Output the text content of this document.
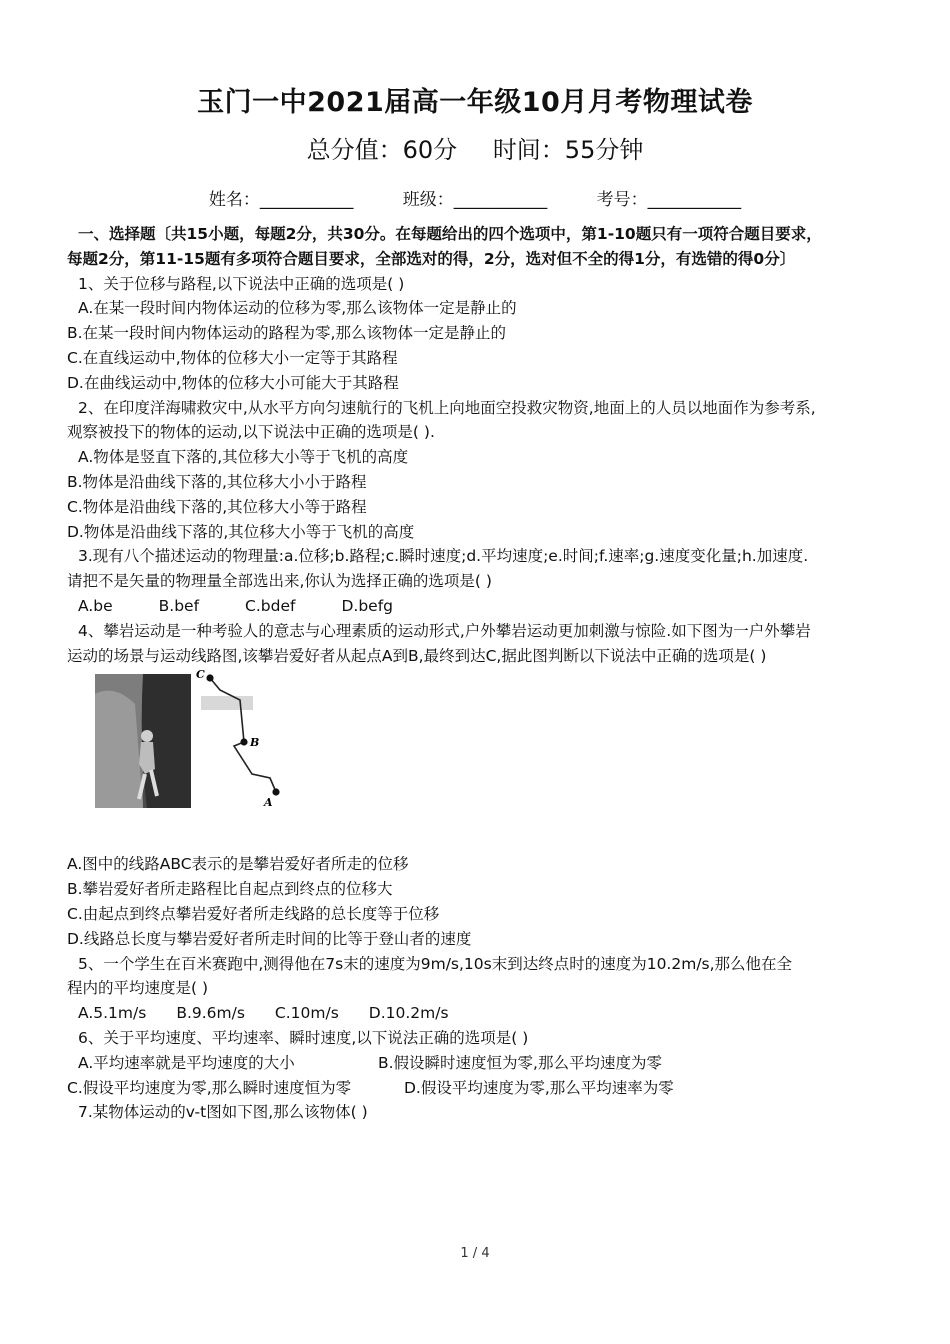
玉门一中2021届高一年级10月月考物理试卷
总分值：60分 时间：55分钟
姓名：___________	班级：___________	考号：___________
一、选择题〔共15小题，每题2分，共30分。在每题给出的四个选项中，第1-10题只有一项符合题目要求，
每题2分，第11-15题有多项符合题目要求，全部选对的得，2分，选对但不全的得1分，有选错的得0分〕
1、关于位移与路程,以下说法中正确的选项是( )
A.在某一段时间内物体运动的位移为零,那么该物体一定是静止的
B.在某一段时间内物体运动的路程为零,那么该物体一定是静止的
C.在直线运动中,物体的位移大小一定等于其路程
D.在曲线运动中,物体的位移大小可能大于其路程
2、在印度洋海啸救灾中,从水平方向匀速航行的飞机上向地面空投救灾物资,地面上的人员以地面作为参考系,
观察被投下的物体的运动,以下说法中正确的选项是( ).
A.物体是竖直下落的,其位移大小等于飞机的高度
B.物体是沿曲线下落的,其位移大小小于路程
C.物体是沿曲线下落的,其位移大小等于路程
D.物体是沿曲线下落的,其位移大小等于飞机的高度
3.现有八个描述运动的物理量:a.位移;b.路程;c.瞬时速度;d.平均速度;e.时间;f.速率;g.速度变化量;h.加速度.
请把不是矢量的物理量全部选出来,你认为选择正确的选项是( )
A.be	B.bef	C.bdef	D.befg
4、攀岩运动是一种考验人的意志与心理素质的运动形式,户外攀岩运动更加刺激与惊险.如下图为一户外攀岩
运动的场景与运动线路图,该攀岩爱好者从起点A到B,最终到达C,据此图判断以下说法中正确的选项是( )
C
B
A
A.图中的线路ABC表示的是攀岩爱好者所走的位移
B.攀岩爱好者所走路程比自起点到终点的位移大
C.由起点到终点攀岩爱好者所走线路的总长度等于位移
D.线路总长度与攀岩爱好者所走时间的比等于登山者的速度
5、一个学生在百米赛跑中,测得他在7s末的速度为9m/s,10s末到达终点时的速度为10.2m/s,那么他在全
程内的平均速度是( )
A.5.1m/s B.9.6m/s C.10m/s D.10.2m/s
6、关于平均速度、平均速率、瞬时速度,以下说法正确的选项是( )
A.平均速率就是平均速度的大小	B.假设瞬时速度恒为零,那么平均速度为零
C.假设平均速度为零,那么瞬时速度恒为零	D.假设平均速度为零,那么平均速率为零
7.某物体运动的v-t图如下图,那么该物体( )
1 / 4
